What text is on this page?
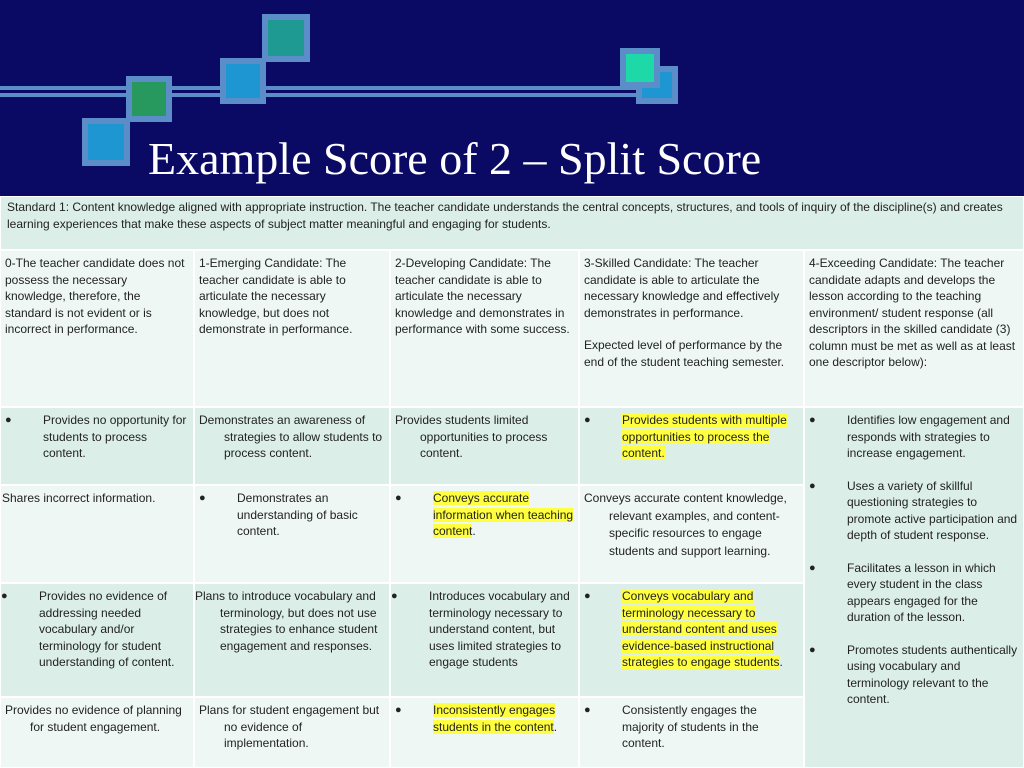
Example Score of 2 – Split Score
Standard 1: Content knowledge aligned with appropriate instruction. The teacher candidate understands the central concepts, structures, and tools of inquiry of the discipline(s) and creates learning experiences that make these aspects of subject matter meaningful and engaging for students.
0-The teacher candidate does not possess the necessary knowledge, therefore, the standard is not evident or is incorrect in performance.
1-Emerging Candidate: The teacher candidate is able to articulate the necessary knowledge, but does not demonstrate in performance.
2-Developing Candidate: The teacher candidate is able to articulate the necessary knowledge and demonstrates in performance with some success.

3-Skilled Candidate: The teacher candidate is able to articulate the necessary knowledge and effectively demonstrates in performance.

Expected level of performance by the end of the student teaching semester.

4-Exceeding Candidate: The teacher candidate adapts and develops the lesson according to the teaching environment/ student response (all descriptors in the skilled candidate (3) column must be met as well as at least one descriptor below):
● Provides no opportunity for students to process content.
Demonstrates an awareness of strategies to allow students to process content.
Provides students limited opportunities to process content.
● Provides students with multiple opportunities to process the content.
Shares incorrect information.
●	Demonstrates an understanding of basic content.
● Conveys accurate information when teaching content.
Conveys accurate content knowledge, relevant examples, and content-specific resources to engage students and support learning.
● Provides no evidence of addressing needed vocabulary and/or terminology for student understanding of content.
Plans to introduce vocabulary and terminology, but does not use strategies to enhance student engagement and responses.
● Introduces vocabulary and terminology necessary to understand content, but uses limited strategies to engage students
● Conveys vocabulary and terminology necessary to understand content and uses evidence-based instructional strategies to engage students.
Provides no evidence of planning for student engagement.
Plans for student engagement but no evidence of implementation.
● Inconsistently engages students in the content.
● Consistently engages the majority of students in the content.
● Identifies low engagement and responds with strategies to increase engagement.
● Uses a variety of skillful questioning strategies to promote active participation and depth of student response.
● Facilitates a lesson in which every student in the class appears engaged for the duration of the lesson.
● Promotes students authentically using vocabulary and terminology relevant to the content.
